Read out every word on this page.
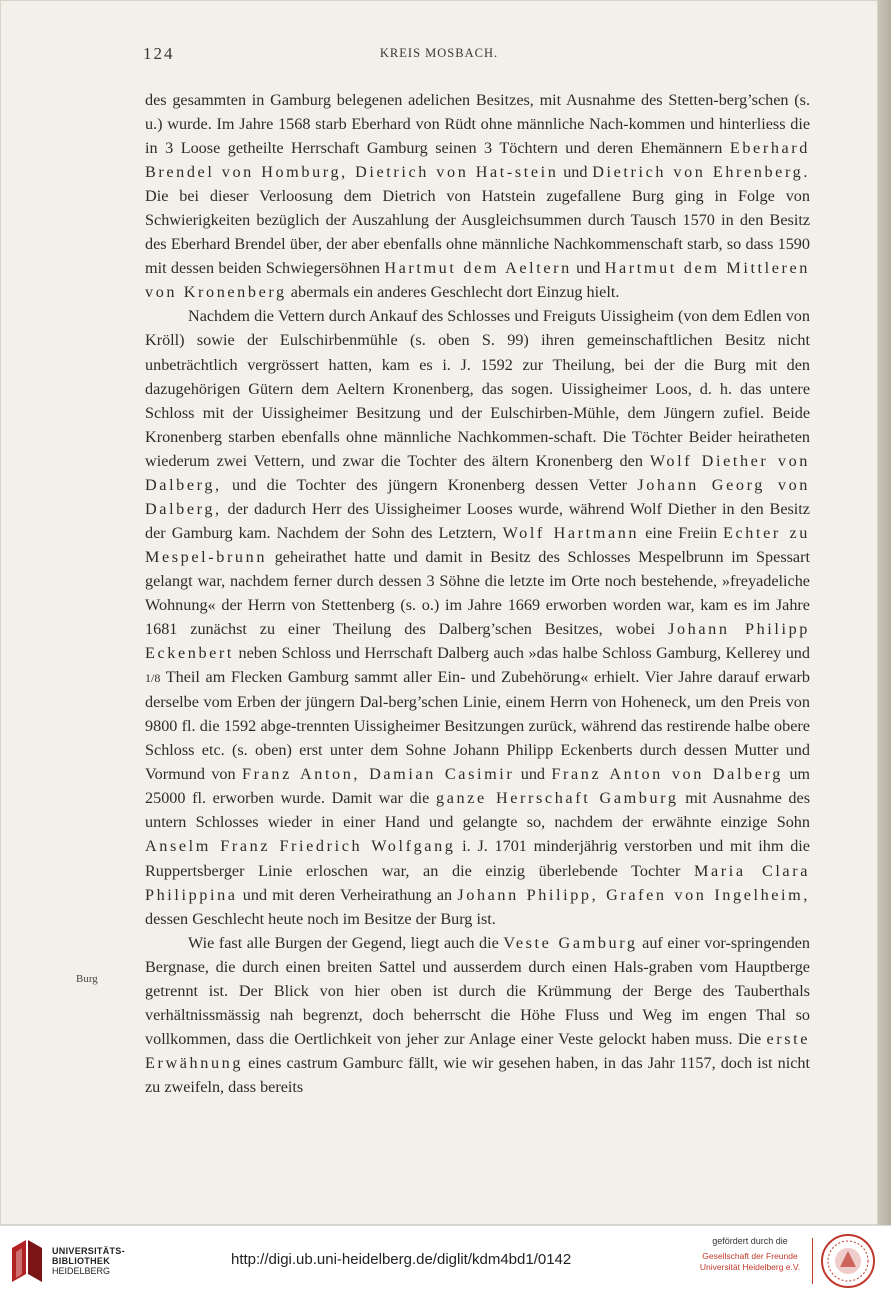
124	KREIS MOSBACH.
Burg

des gesammten in Gamburg belegenen adelichen Besitzes, mit Ausnahme des Stetten-berg’schen (s. u.) wurde. Im Jahre 1568 starb Eberhard von Rüdt ohne männliche Nach-kommen und hinterliess die in 3 Loose getheilte Herrschaft Gamburg seinen 3 Töchtern und deren Ehemännern Eberhard Brendel von Homburg, Dietrich von Hat-stein und Dietrich von Ehrenberg. Die bei dieser Verloosung dem Dietrich von Hatstein zugefallene Burg ging in Folge von Schwierigkeiten bezüglich der Auszahlung der Ausgleichsummen durch Tausch 1570 in den Besitz des Eberhard Brendel über, der aber ebenfalls ohne männliche Nachkommenschaft starb, so dass 1590 mit dessen beiden Schwiegersöhnen Hartmut dem Aeltern und Hartmut dem Mittleren von Kronenberg abermals ein anderes Geschlecht dort Einzug hielt.

Nachdem die Vettern durch Ankauf des Schlosses und Freiguts Uissigheim (von dem Edlen von Kröll) sowie der Eulschirbenmühle (s. oben S. 99) ihren gemeinschaftlichen Besitz nicht unbeträchtlich vergrössert hatten, kam es i. J. 1592 zur Theilung, bei der die Burg mit den dazugehörigen Gütern dem Aeltern Kronenberg, das sogen. Uissigheimer Loos, d. h. das untere Schloss mit der Uissigheimer Besitzung und der Eulschirben-Mühle, dem Jüngern zufiel. Beide Kronenberg starben ebenfalls ohne männliche Nachkommen-schaft. Die Töchter Beider heiratheten wiederum zwei Vettern, und zwar die Tochter des ältern Kronenberg den Wolf Diether von Dalberg, und die Tochter des jüngern Kronenberg dessen Vetter Johann Georg von Dalberg, der dadurch Herr des Uissigheimer Looses wurde, während Wolf Diether in den Besitz der Gamburg kam. Nachdem der Sohn des Letztern, Wolf Hartmann eine Freiin Echter zu Mespel-brunn geheirathet hatte und damit in Besitz des Schlosses Mespelbrunn im Spessart gelangt war, nachdem ferner durch dessen 3 Söhne die letzte im Orte noch bestehende, »freyadeliche Wohnung« der Herrn von Stettenberg (s. o.) im Jahre 1669 erworben worden war, kam es im Jahre 1681 zunächst zu einer Theilung des Dalberg’schen Besitzes, wobei Johann Philipp Eckenbert neben Schloss und Herrschaft Dalberg auch »das halbe Schloss Gamburg, Kellerey und 1/8 Theil am Flecken Gamburg sammt aller Ein- und Zubehörung« erhielt. Vier Jahre darauf erwarb derselbe vom Erben der jüngern Dal-berg’schen Linie, einem Herrn von Hoheneck, um den Preis von 9800 fl. die 1592 abge-trennten Uissigheimer Besitzungen zurück, während das restirende halbe obere Schloss etc. (s. oben) erst unter dem Sohne Johann Philipp Eckenberts durch dessen Mutter und Vormund von Franz Anton, Damian Casimir und Franz Anton von Dalberg um 25000 fl. erworben wurde. Damit war die ganze Herrschaft Gamburg mit Ausnahme des untern Schlosses wieder in einer Hand und gelangte so, nachdem der erwähnte einzige Sohn Anselm Franz Friedrich Wolfgang i. J. 1701 minderjährig verstorben und mit ihm die Ruppertsberger Linie erloschen war, an die einzig überlebende Tochter Maria Clara Philippina und mit deren Verheirathung an Johann Philipp, Grafen von Ingelheim, dessen Geschlecht heute noch im Besitze der Burg ist.

Wie fast alle Burgen der Gegend, liegt auch die Veste Gamburg auf einer vor-springenden Bergnase, die durch einen breiten Sattel und ausserdem durch einen Hals-graben vom Hauptberge getrennt ist. Der Blick von hier oben ist durch die Krümmung der Berge des Tauberthals verhältnissmässig nah begrenzt, doch beherrscht die Höhe Fluss und Weg im engen Thal so vollkommen, dass die Oertlichkeit von jeher zur Anlage einer Veste gelockt haben muss. Die erste Erwähnung eines castrum Gamburc fällt, wie wir gesehen haben, in das Jahr 1157, doch ist nicht zu zweifeln, dass bereits

UNIVERSITÄTS-
BIBLIOTHEK
HEIDELBERG
http://digi.ub.uni-heidelberg.de/diglit/kdm4bd1/0142
gefördert durch die
Gesellschaft der Freunde
Universität Heidelberg e.V.
